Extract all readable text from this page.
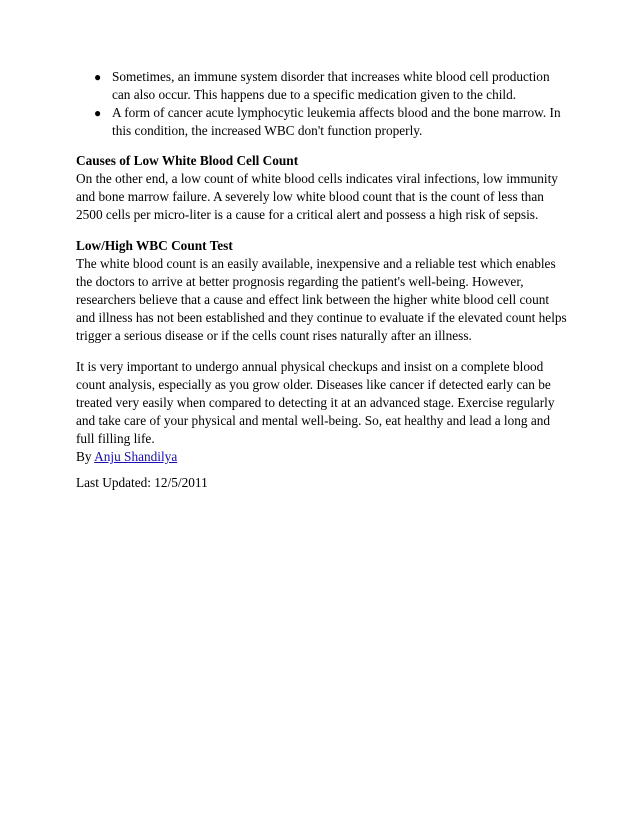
● Sometimes, an immune system disorder that increases white blood cell production can also occur. This happens due to a specific medication given to the child.
● A form of cancer acute lymphocytic leukemia affects blood and the bone marrow. In this condition, the increased WBC don't function properly.
Causes of Low White Blood Cell Count
On the other end, a low count of white blood cells indicates viral infections, low immunity and bone marrow failure. A severely low white blood count that is the count of less than 2500 cells per micro-liter is a cause for a critical alert and possess a high risk of sepsis.
Low/High WBC Count Test
The white blood count is an easily available, inexpensive and a reliable test which enables the doctors to arrive at better prognosis regarding the patient's well-being. However, researchers believe that a cause and effect link between the higher white blood cell count and illness has not been established and they continue to evaluate if the elevated count helps trigger a serious disease or if the cells count rises naturally after an illness.
It is very important to undergo annual physical checkups and insist on a complete blood count analysis, especially as you grow older. Diseases like cancer if detected early can be treated very easily when compared to detecting it at an advanced stage. Exercise regularly and take care of your physical and mental well-being. So, eat healthy and lead a long and full filling life.
By Anju Shandilya

Last Updated: 12/5/2011
